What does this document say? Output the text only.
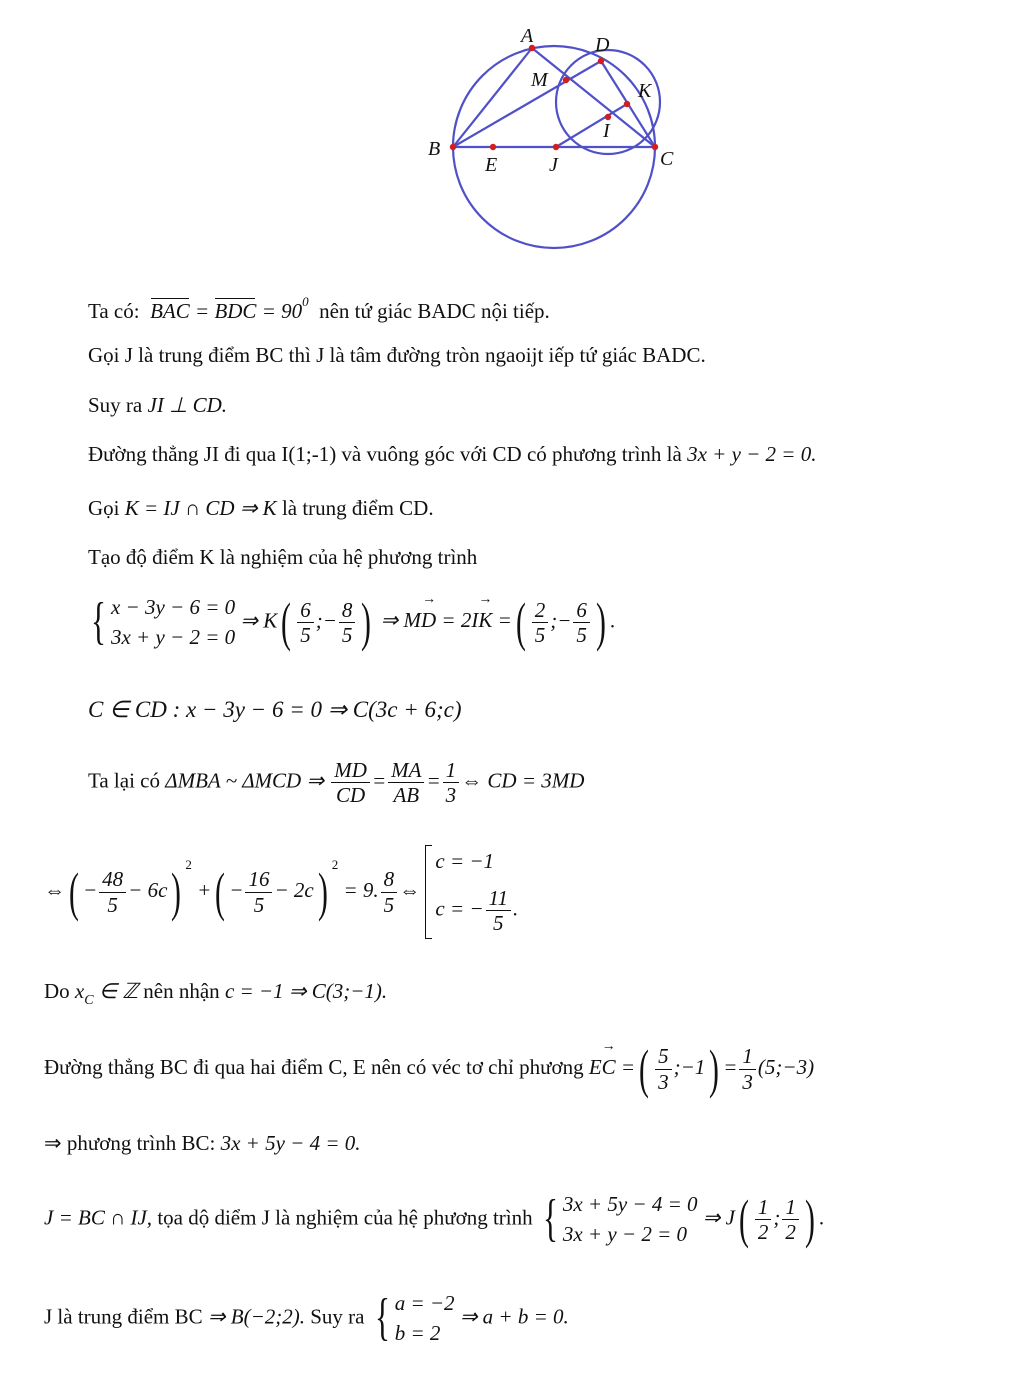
A	D
M	K
I
B
E	J	C
Ta có: BAC = BDC = $90^0$ nên tứ giác BADC nội tiếp.
Gọi J là trung điểm BC thì J là tâm đường tròn ngaoijt iếp tứ giác BADC.
Suy ra JI ⊥ CD.
Đường thẳng JI đi qua I(1;-1) và vuông góc với CD có phương trình là 3x + y − 2 = 0.
Gọi K = IJ ∩ CD ⇒ K là trung điểm CD.
Tạo độ điểm K là nghiệm của hệ phương trình
{ x − 3y − 6 = 0
3x + y − 2 = 0
⇒ $K( \frac{6}{5}$ ;− $\frac{8}{5}$ ) ⇒ MD → = 2IK → =( $\frac{2}{5}$ ;− $\frac{6}{5}$ ) .
C ∈ CD : x − 3y − 6 = 0 ⇒ C(3c + 6;c)
Ta lại có ΔMBA ~ ΔMCD ⇒ $\frac{MD}{CD} = \frac{MA}{AB} = \frac{1}{3}$ ⇔ CD = 3MD
⇔( − $\frac{48}{5} - 6c$) $^2$ +( − $\frac{16}{5} - 2c$) $^2$ = 9. $\frac{8}{5}$ ⇔
c = −1
c = − $\frac{11}{5}$ .
Do $x_C$ ∈ ℤ nên nhận c = −1 ⇒ C(3;−1).
Đường thẳng BC đi qua hai điểm C, E nên có véc tơ chỉ phương EC → =( $\frac{5}{3}$ ;−1) = $\frac{1}{3}$ (5;−3)
⇒ phương trình BC: 3x + 5y − 4 = 0.
J = BC ∩ IJ, tọa dộ diểm J là nghiệm của hệ phương trình { 3x + 5y − 4 = 0
3x + y − 2 = 0
⇒ $J( \frac{1}{2}$ ; $\frac{1}{2}$ ) .
J là trung điểm BC ⇒ B(−2;2). Suy ra { a = −2
b = 2
⇒ a + b = 0.
